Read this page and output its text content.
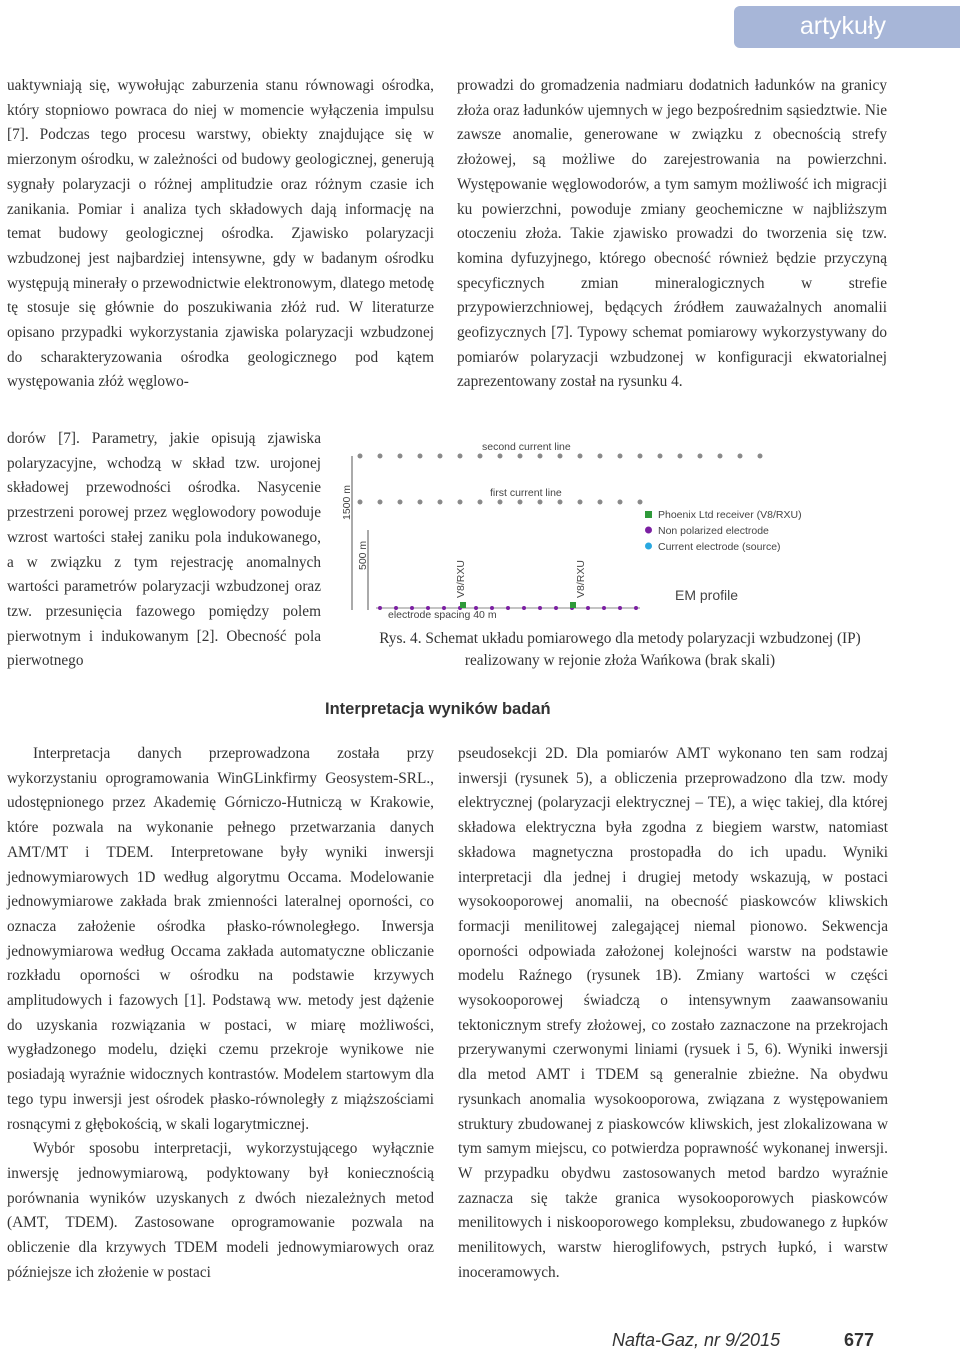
artykuły

uaktywniają się, wywołując zaburzenia stanu równowagi ośrodka, który stopniowo powraca do niej w momencie wyłączenia impulsu [7]. Podczas tego procesu warstwy, obiekty znajdujące się w mierzonym ośrodku, w zależności od budowy geologicznej, generują sygnały polaryzacji o różnej amplitudzie oraz różnym czasie ich zanikania. Pomiar i analiza tych składowych dają informację na temat budowy geologicznej ośrodka. Zjawisko polaryzacji wzbudzonej jest najbardziej intensywne, gdy w badanym ośrodku występują minerały o przewodnictwie elektronowym, dlatego metodę tę stosuje się głównie do poszukiwania złóż rud. W literaturze opisano przypadki wykorzystania zjawiska polaryzacji wzbudzonej do scharakteryzowania ośrodka geologicznego pod kątem występowania złóż węglowo-

dorów [7]. Parametry, jakie opisują zjawiska polaryzacyjne, wchodzą w skład tzw. urojonej składowej przewodności ośrodka. Nasycenie przestrzeni porowej przez węglowodory powoduje wzrost wartości stałej zaniku pola indukowanego, a w związku z tym rejestrację anomalnych wartości parametrów polaryzacji wzbudzonej oraz tzw. przesunięcia fazowego pomiędzy polem pierwotnym i indukowanym [2]. Obecność pola pierwotnego

prowadzi do gromadzenia nadmiaru dodatnich ładunków na granicy złoża oraz ładunków ujemnych w jego bezpośrednim sąsiedztwie. Nie zawsze anomalie, generowane w związku z obecnością strefy złożowej, są możliwe do zarejestrowania na powierzchni. Występowanie węglowodorów, a tym samym możliwość ich migracji ku powierzchni, powoduje zmiany geochemiczne w najbliższym otoczeniu złoża. Takie zjawisko prowadzi do tworzenia się tzw. komina dyfuzyjnego, którego obecność również będzie przyczyną specyficznych zmian mineralogicznych w strefie przypowierzchniowej, będących źródłem zauważalnych anomalii geofizycznych [7]. Typowy schemat pomiarowy wykorzystywany do pomiarów polaryzacji wzbudzonej w konfiguracji ekwatorialnej zaprezentowany został na rysunku 4.

second current line
first current line
1500 m
500 m
V8/RXU	V8/RXU
electrode spacing 40 m
EM profile
Phoenix Ltd receiver (V8/RXU)
Non polarized electrode
Current electrode (source)
Rys. 4. Schemat układu pomiarowego dla metody polaryzacji wzbudzonej (IP)
realizowany w rejonie złoża Wańkowa (brak skali)
Interpretacja wyników badań

Interpretacja danych przeprowadzona została przy wykorzystaniu oprogramowania WinGLinkfirmy Geosystem-SRL., udostępnionego przez Akademię Górniczo-Hutniczą w Krakowie, które pozwala na wykonanie pełnego przetwarzania danych AMT/MT i TDEM. Interpretowane były wyniki inwersji jednowymiarowych 1D według algorytmu Occama. Modelowanie jednowymiarowe zakłada brak zmienności lateralnej oporności, co oznacza założenie ośrodka płasko-równoległego. Inwersja jednowymiarowa według Occama zakłada automatyczne obliczanie rozkładu oporności w ośrodku na podstawie krzywych amplitudowych i fazowych [1]. Podstawą ww. metody jest dążenie do uzyskania rozwiązania w postaci, w miarę możliwości, wygładzonego modelu, dzięki czemu przekroje wynikowe nie posiadają wyraźnie widocznych kontrastów. Modelem startowym dla tego typu inwersji jest ośrodek płasko-równoległy z miąższościami rosnącymi z głębokością, w skali logarytmicznej.

Wybór sposobu interpretacji, wykorzystującego wyłącznie inwersję jednowymiarową, podyktowany był koniecznością porównania wyników uzyskanych z dwóch niezależnych metod (AMT, TDEM). Zastosowane oprogramowanie pozwala na obliczenie dla krzywych TDEM modeli jednowymiarowych oraz późniejsze ich złożenie w postaci

pseudosekcji 2D. Dla pomiarów AMT wykonano ten sam rodzaj inwersji (rysunek 5), a obliczenia przeprowadzono dla tzw. mody elektrycznej (polaryzacji elektrycznej – TE), a więc takiej, dla której składowa elektryczna była zgodna z biegiem warstw, natomiast składowa magnetyczna prostopadła do ich upadu. Wyniki interpretacji dla jednej i drugiej metody wskazują, w postaci wysokooporowej anomalii, na obecność piaskowców kliwskich formacji menilitowej zalegającej niemal pionowo. Sekwencja oporności odpowiada założonej kolejności warstw na podstawie modelu Raźnego (rysunek 1B). Zmiany wartości w części wysokooporowej świadczą o intensywnym zaawansowaniu tektonicznym strefy złożowej, co zostało zaznaczone na przekrojach przerywanymi czerwonymi liniami (rysuek i 5, 6). Wyniki inwersji dla metod AMT i TDEM są generalnie zbieżne. Na obydwu rysunkach anomalia wysokooporowa, związana z występowaniem struktury zbudowanej z piaskowców kliwskich, jest zlokalizowana w tym samym miejscu, co potwierdza poprawność wykonanej inwersji. W przypadku obydwu zastosowanych metod bardzo wyraźnie zaznacza się także granica wysokooporowych piaskowców menilitowych i niskooporowego kompleksu, zbudowanego z łupków menilitowych, warstw hieroglifowych, pstrych łupkó, i warstw inoceramowych.

Nafta-Gaz, nr 9/2015	677
